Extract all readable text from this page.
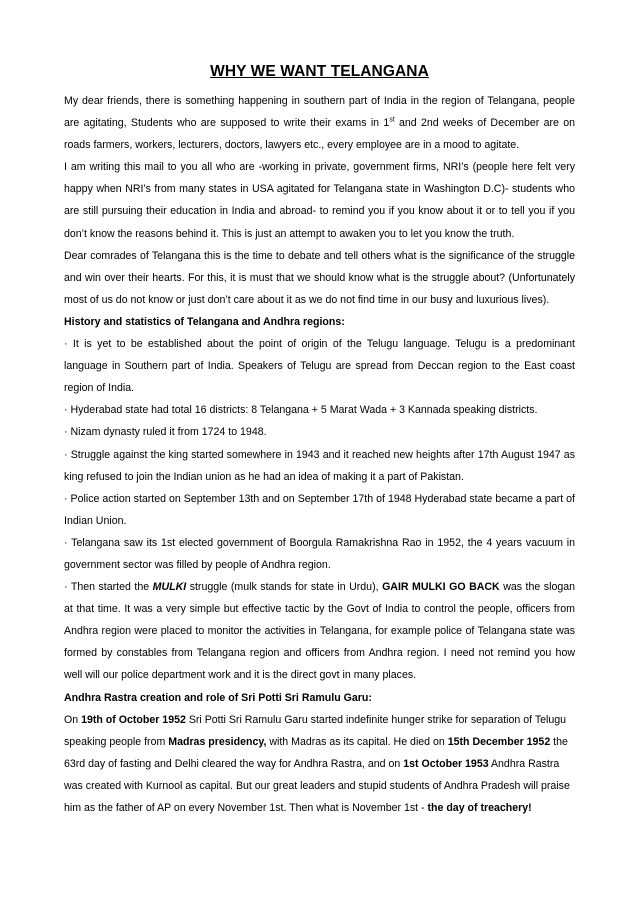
WHY WE WANT TELANGANA

My dear friends, there is something happening in southern part of India in the region of Telangana, people are agitating, Students who are supposed to write their exams in 1st and 2nd weeks of December are on roads farmers, workers, lecturers, doctors, lawyers etc., every employee are in a mood to agitate.

I am writing this mail to you all who are -working in private, government firms, NRI’s (people here felt very happy when NRI’s from many states in USA agitated for Telangana state in Washington D.C)- students who are still pursuing their education in India and abroad- to remind you if you know about it or to tell you if you don’t know the reasons behind it. This is just an attempt to awaken you to let you know the truth.

Dear comrades of Telangana this is the time to debate and tell others what is the significance of the struggle and win over their hearts. For this, it is must that we should know what is the struggle about? (Unfortunately most of us do not know or just don’t care about it as we do not find time in our busy and luxurious lives).

History and statistics of Telangana and Andhra regions:

· It is yet to be established about the point of origin of the Telugu language. Telugu is a predominant language in Southern part of India. Speakers of Telugu are spread from Deccan region to the East coast region of India.

· Hyderabad state had total 16 districts: 8 Telangana + 5 Marat Wada + 3 Kannada speaking districts.

· Nizam dynasty ruled it from 1724 to 1948.

· Struggle against the king started somewhere in 1943 and it reached new heights after 17th August 1947 as king refused to join the Indian union as he had an idea of making it a part of Pakistan.

· Police action started on September 13th and on September 17th of 1948 Hyderabad state became a part of Indian Union.

· Telangana saw its 1st elected government of Boorgula Ramakrishna Rao in 1952, the 4 years vacuum in government sector was filled by people of Andhra region.

· Then started the MULKI struggle (mulk stands for state in Urdu), GAIR MULKI GO BACK was the slogan at that time. It was a very simple but effective tactic by the Govt of India to control the people, officers from Andhra region were placed to monitor the activities in Telangana, for example police of Telangana state was formed by constables from Telangana region and officers from Andhra region. I need not remind you how well will our police department work and it is the direct govt in many places.

Andhra Rastra creation and role of Sri Potti Sri Ramulu Garu:

On 19th of October 1952 Sri Potti Sri Ramulu Garu started indefinite hunger strike for separation of Telugu speaking people from Madras presidency, with Madras as its capital. He died on 15th December 1952 the 63rd day of fasting and Delhi cleared the way for Andhra Rastra, and on 1st October 1953 Andhra Rastra was created with Kurnool as capital. But our great leaders and stupid students of Andhra Pradesh will praise him as the father of AP on every November 1st. Then what is November 1st - the day of treachery!
